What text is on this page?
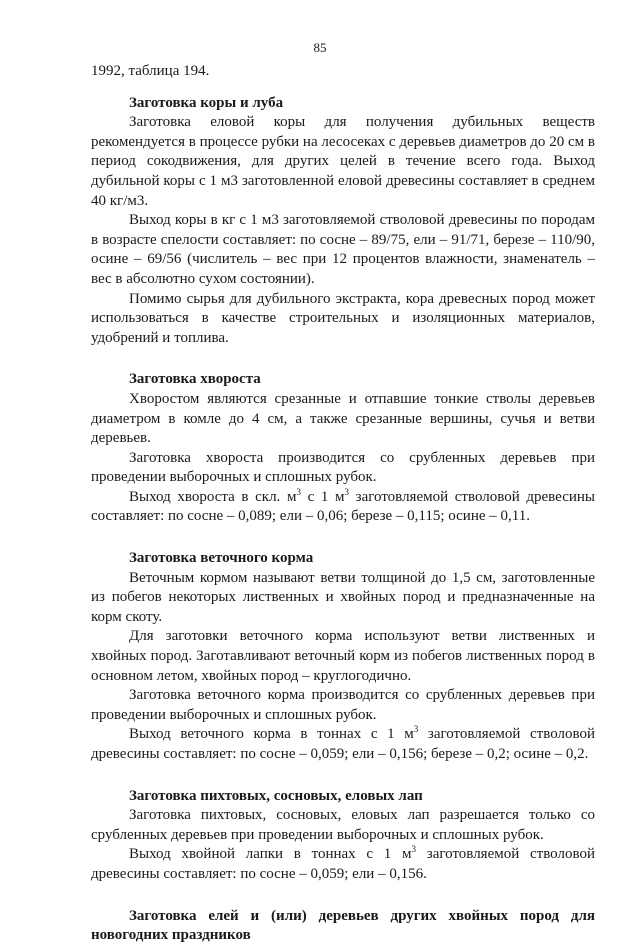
85

1992, таблица 194.

Заготовка коры и луба

Заготовка еловой коры для получения дубильных веществ рекомендуется в процессе рубки на лесосеках с деревьев диаметров до 20 см в период сокодвижения, для других целей в течение всего года. Выход дубильной коры с 1 м3 заготовленной еловой древесины составляет в среднем 40 кг/м3.

Выход коры в кг с 1 м3 заготовляемой стволовой древесины по породам в возрасте спелости составляет: по сосне – 89/75, ели – 91/71, березе – 110/90, осине – 69/56 (числитель – вес при 12 процентов влажности, знаменатель – вес в абсолютно сухом состоянии).

Помимо сырья для дубильного экстракта, кора древесных пород может использоваться в качестве строительных и изоляционных материалов, удобрений и топлива.

Заготовка хвороста

Хворостом являются срезанные и отпавшие тонкие стволы деревьев диаметром в комле до 4 см, а также срезанные вершины, сучья и ветви деревьев.

Заготовка хвороста производится со срубленных деревьев при проведении выборочных и сплошных рубок.

Выход хвороста в скл. $м^3$ с 1 $м^3$ заготовляемой стволовой древесины составляет: по сосне – 0,089; ели – 0,06; березе – 0,115; осине – 0,11.

Заготовка веточного корма

Веточным кормом называют ветви толщиной до 1,5 см, заготовленные из побегов некоторых лиственных и хвойных пород и предназначенные на корм скоту.

Для заготовки веточного корма используют ветви лиственных и хвойных пород. Заготавливают веточный корм из побегов лиственных пород в основном летом, хвойных пород – круглогодично.

Заготовка веточного корма производится со срубленных деревьев при проведении выборочных и сплошных рубок.

Выход веточного корма в тоннах с 1 $м^3$ заготовляемой стволовой древесины составляет: по сосне – 0,059; ели – 0,156; березе – 0,2; осине – 0,2.

Заготовка пихтовых, сосновых, еловых лап

Заготовка пихтовых, сосновых, еловых лап разрешается только со срубленных деревьев при проведении выборочных и сплошных рубок.

Выход хвойной лапки в тоннах с 1 $м^3$ заготовляемой стволовой древесины составляет: по сосне – 0,059; ели – 0,156.

Заготовка елей и (или) деревьев других хвойных пород для новогодних праздников
